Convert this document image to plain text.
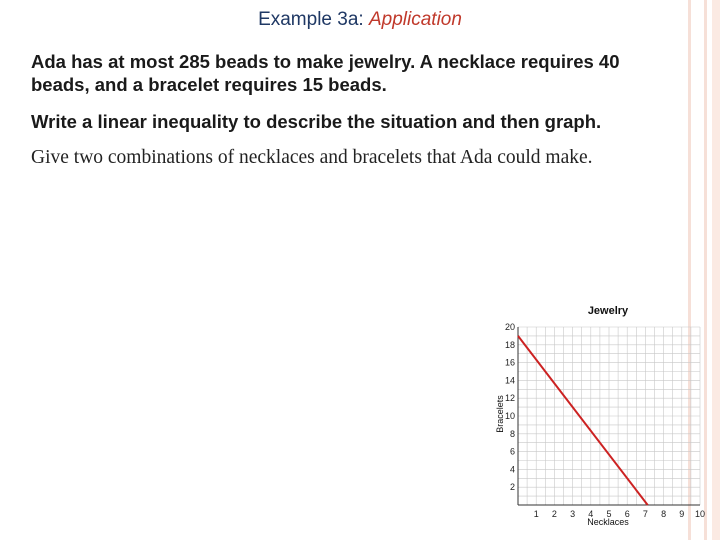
Example 3a: Application
Ada has at most 285 beads to make jewelry. A necklace requires 40 beads, and a bracelet requires 15 beads.
Write a linear inequality to describe the situation and then graph.
Give two combinations of necklaces and bracelets that Ada could make.
Jewelry
1 2 3 4 5 6 7 8 9 10
2
4
6
8
10
12
14
16
18
20
Necklaces
Bracelets
